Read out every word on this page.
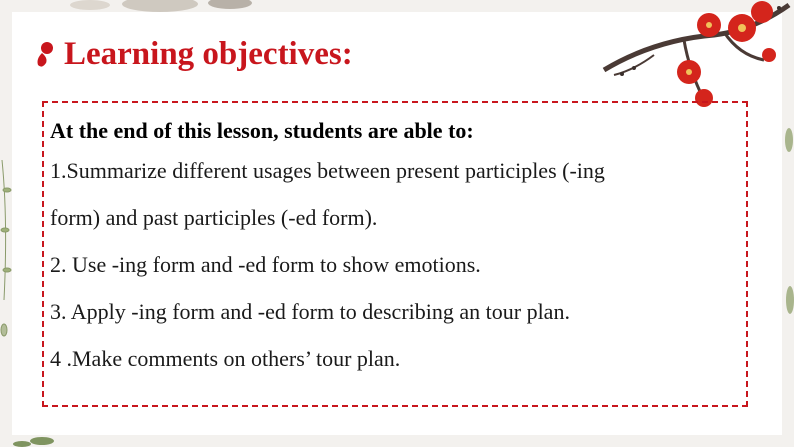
Learning objectives:

At the end of this lesson, students are able to:

1.Summarize different usages between present participles (-ing

form) and past participles (-ed form).

2. Use -ing form and -ed form to show emotions.

3. Apply -ing form and -ed form to describing an tour plan.

4 .Make comments on others’ tour plan.
